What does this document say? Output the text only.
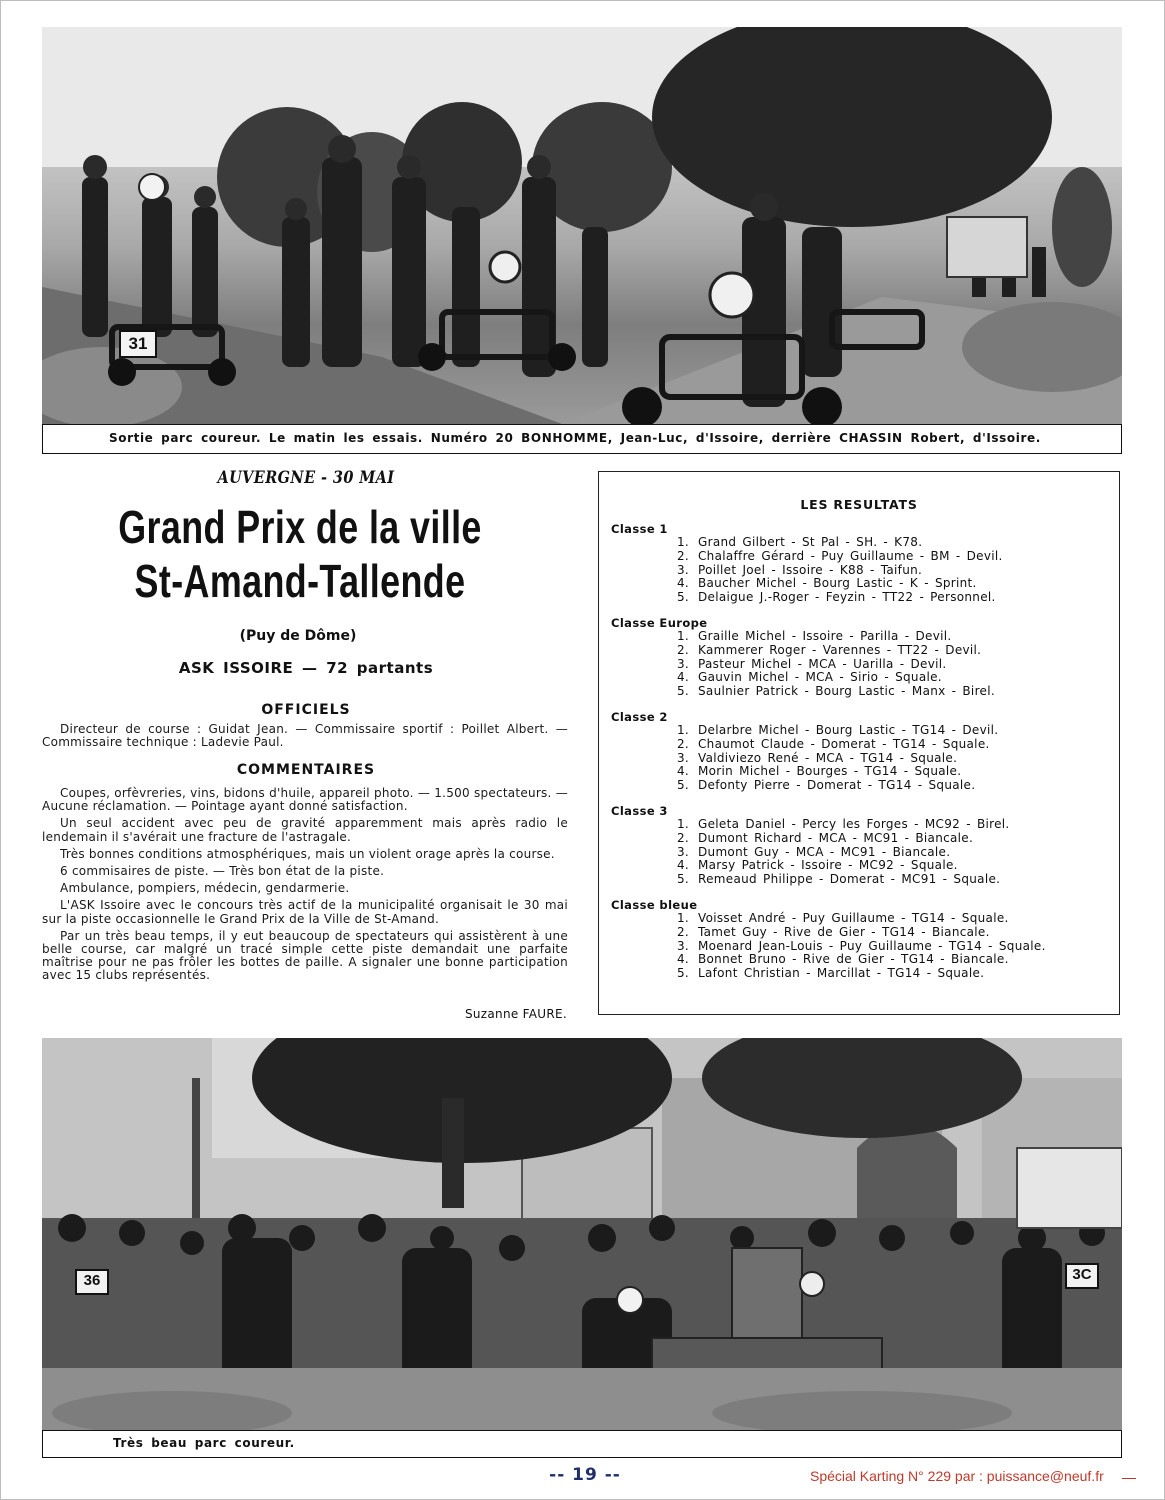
31
Sortie parc coureur. Le matin les essais. Numéro 20 BONHOMME, Jean-Luc, d'Issoire, derrière CHASSIN Robert, d'Issoire.
AUVERGNE - 30 MAI
Grand Prix de la ville
St-Amand-Tallende
(Puy de Dôme)
ASK ISSOIRE — 72 partants
OFFICIELS

Directeur de course : Guidat Jean. — Commissaire sportif : Poillet Albert. — Commissaire technique : Ladevie Paul.

COMMENTAIRES

Coupes, orfèvreries, vins, bidons d'huile, appareil photo. — 1.500 spectateurs. — Aucune réclamation. — Pointage ayant donné satisfaction.

Un seul accident avec peu de gravité apparemment mais après radio le lendemain il s'avérait une fracture de l'astragale.

Très bonnes conditions atmosphériques, mais un violent orage après la course.

6 commisaires de piste. — Très bon état de la piste.

Ambulance, pompiers, médecin, gendarmerie.

L'ASK Issoire avec le concours très actif de la municipalité organisait le 30 mai sur la piste occasionnelle le Grand Prix de la Ville de St-Amand.

Par un très beau temps, il y eut beaucoup de spectateurs qui assistèrent à une belle course, car malgré un tracé simple cette piste demandait une parfaite maîtrise pour ne pas frôler les bottes de paille. A signaler une bonne participation avec 15 clubs représentés.

Suzanne FAURE.
LES RESULTATS
Classe 1
1. Grand Gilbert - St Pal - SH. - K78.
2. Chalaffre Gérard - Puy Guillaume - BM - Devil.
3. Poillet Joel - Issoire - K88 - Taifun.
4. Baucher Michel - Bourg Lastic - K - Sprint.
5. Delaigue J.-Roger - Feyzin - TT22 - Personnel.
Classe Europe
1. Graille Michel - Issoire - Parilla - Devil.
2. Kammerer Roger - Varennes - TT22 - Devil.
3. Pasteur Michel - MCA - Uarilla - Devil.
4. Gauvin Michel - MCA - Sirio - Squale.
5. Saulnier Patrick - Bourg Lastic - Manx - Birel.
Classe 2
1. Delarbre Michel - Bourg Lastic - TG14 - Devil.
2. Chaumot Claude - Domerat - TG14 - Squale.
3. Valdiviezo René - MCA - TG14 - Squale.
4. Morin Michel - Bourges - TG14 - Squale.
5. Defonty Pierre - Domerat - TG14 - Squale.
Classe 3
1. Geleta Daniel - Percy les Forges - MC92 - Birel.
2. Dumont Richard - MCA - MC91 - Biancale.
3. Dumont Guy - MCA - MC91 - Biancale.
4. Marsy Patrick - Issoire - MC92 - Squale.
5. Remeaud Philippe - Domerat - MC91 - Squale.
Classe bleue
1. Voisset André - Puy Guillaume - TG14 - Squale.
2. Tamet Guy - Rive de Gier - TG14 - Biancale.
3. Moenard Jean-Louis - Puy Guillaume - TG14 - Squale.
4. Bonnet Bruno - Rive de Gier - TG14 - Biancale.
5. Lafont Christian - Marcillat - TG14 - Squale.
36	3C
Très beau parc coureur.
-- 19 --	Spécial Karting N° 229 par : puissance@neuf.fr
